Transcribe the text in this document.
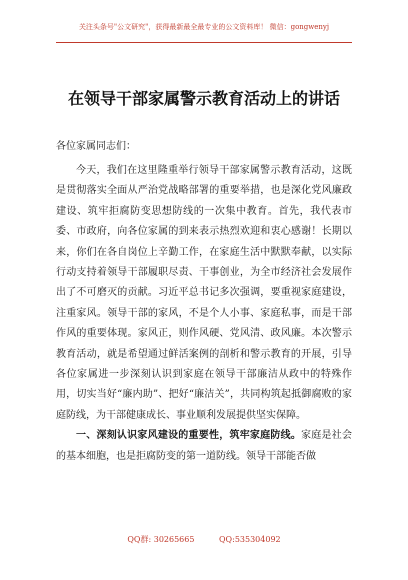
关注头条号"公文研究"，获得最新最全最专业的公文资料库！ 微信：gongwenyj
在领导干部家属警示教育活动上的讲话
各位家属同志们：

今天，我们在这里隆重举行领导干部家属警示教育活动，这既是贯彻落实全面从严治党战略部署的重要举措，也是深化党风廉政建设、筑牢拒腐防变思想防线的一次集中教育。首先，我代表市委、市政府，向各位家属的到来表示热烈欢迎和衷心感谢！长期以来，你们在各自岗位上辛勤工作，在家庭生活中默默奉献，以实际行动支持着领导干部履职尽责、干事创业，为全市经济社会发展作出了不可磨灭的贡献。习近平总书记多次强调，要重视家庭建设，注重家风。领导干部的家风，不是个人小事、家庭私事，而是干部作风的重要体现。家风正，则作风硬、党风清、政风廉。本次警示教育活动，就是希望通过鲜活案例的剖析和警示教育的开展，引导各位家属进一步深刻认识到家庭在领导干部廉洁从政中的特殊作用，切实当好“廉内助”、把好“廉洁关”，共同构筑起抵御腐败的家庭防线，为干部健康成长、事业顺利发展提供坚实保障。

一、深刻认识家风建设的重要性，筑牢家庭防线。家庭是社会的基本细胞，也是拒腐防变的第一道防线。领导干部能否做

QQ群: 30265665	QQ:535304092
